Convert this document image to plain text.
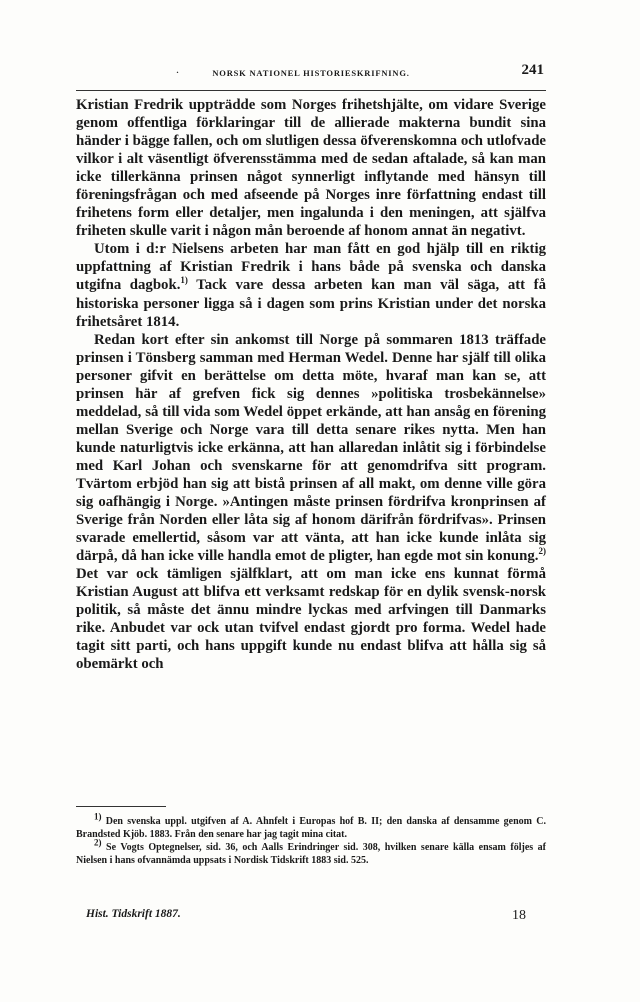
.	NORSK NATIONEL HISTORIESKRIFNING.	241

Kristian Fredrik uppträdde som Norges frihetshjälte, om vidare Sverige genom offentliga förklaringar till de allierade makterna bundit sina händer i bägge fallen, och om slutligen dessa öfverenskomna och utlofvade vilkor i alt väsentligt öfverensstämma med de sedan aftalade, så kan man icke tillerkänna prinsen något synnerligt inflytande med hänsyn till föreningsfrågan och med afseende på Norges inre författning endast till frihetens form eller detaljer, men ingalunda i den meningen, att själfva friheten skulle varit i någon mån beroende af honom annat än negativt.

Utom i d:r Nielsens arbeten har man fått en god hjälp till en riktig uppfattning af Kristian Fredrik i hans både på svenska och danska utgifna dagbok.$^{1)}$ Tack vare dessa arbeten kan man väl säga, att få historiska personer ligga så i dagen som prins Kristian under det norska frihetsåret 1814.

Redan kort efter sin ankomst till Norge på sommaren 1813 träffade prinsen i Tönsberg samman med Herman Wedel. Denne har själf till olika personer gifvit en berättelse om detta möte, hvaraf man kan se, att prinsen här af grefven fick sig dennes »politiska trosbekännelse» meddelad, så till vida som Wedel öppet erkände, att han ansåg en förening mellan Sverige och Norge vara till detta senare rikes nytta. Men han kunde naturligtvis icke erkänna, att han allaredan inlåtit sig i förbindelse med Karl Johan och svenskarne för att genomdrifva sitt program. Tvärtom erbjöd han sig att bistå prinsen af all makt, om denne ville göra sig oafhängig i Norge. »Antingen måste prinsen fördrifva kronprinsen af Sverige från Norden eller låta sig af honom därifrån fördrifvas». Prinsen svarade emellertid, såsom var att vänta, att han icke kunde inlåta sig därpå, då han icke ville handla emot de pligter, han egde mot sin konung.$^{2)}$ Det var ock tämligen själfklart, att om man icke ens kunnat förmå Kristian August att blifva ett verksamt redskap för en dylik svensk-norsk politik, så måste det ännu mindre lyckas med arfvingen till Danmarks rike. Anbudet var ock utan tvifvel endast gjordt pro forma. Wedel hade tagit sitt parti, och hans uppgift kunde nu endast blifva att hålla sig så obemärkt och

$^{1)}$ Den svenska uppl. utgifven af A. Ahnfelt i Europas hof B. II; den danska af densamme genom C. Brandsted Kjöb. 1883. Från den senare har jag tagit mina citat.

$^{2)}$ Se Vogts Optegnelser, sid. 36, och Aalls Erindringer sid. 308, hvilken senare källa ensam följes af Nielsen i hans ofvannämda uppsats i Nordisk Tidskrift 1883 sid. 525.

Hist. Tidskrift 1887.	18
